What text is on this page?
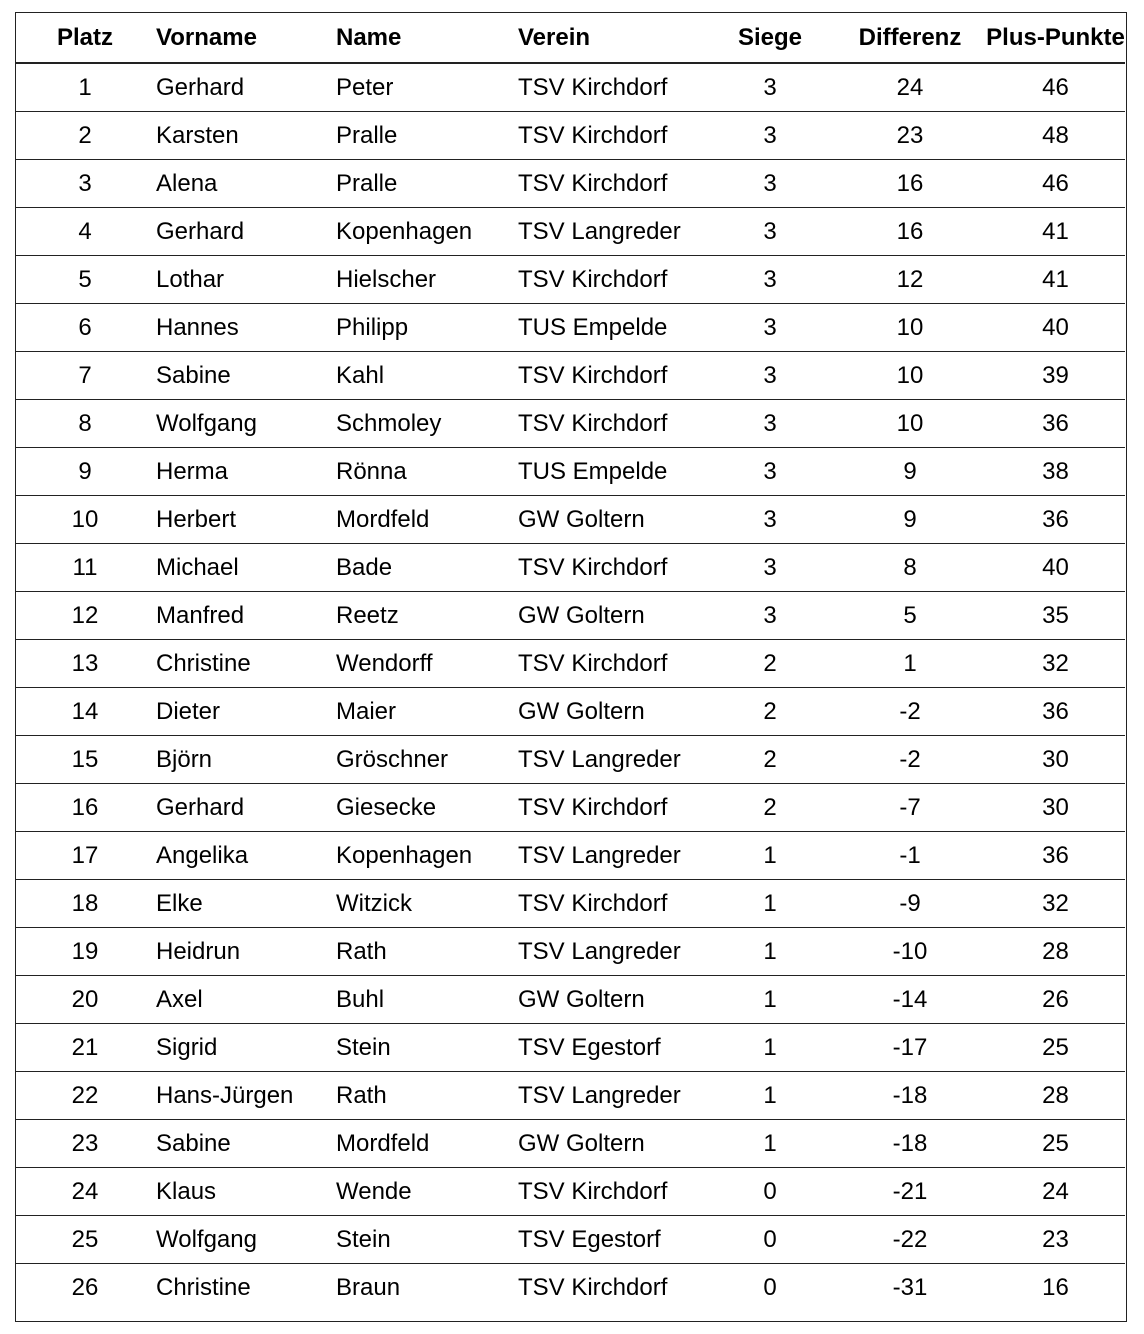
Platz	Vorname	Name	Verein	Siege	Differenz	Plus-Punkte
1	Gerhard	Peter	TSV Kirchdorf	3	24	46
2	Karsten	Pralle	TSV Kirchdorf	3	23	48
3	Alena	Pralle	TSV Kirchdorf	3	16	46
4	Gerhard	Kopenhagen	TSV Langreder	3	16	41
5	Lothar	Hielscher	TSV Kirchdorf	3	12	41
6	Hannes	Philipp	TUS Empelde	3	10	40
7	Sabine	Kahl	TSV Kirchdorf	3	10	39
8	Wolfgang	Schmoley	TSV Kirchdorf	3	10	36
9	Herma	Rönna	TUS Empelde	3	9	38
10	Herbert	Mordfeld	GW Goltern	3	9	36
11	Michael	Bade	TSV Kirchdorf	3	8	40
12	Manfred	Reetz	GW Goltern	3	5	35
13	Christine	Wendorff	TSV Kirchdorf	2	1	32
14	Dieter	Maier	GW Goltern	2	-2	36
15	Björn	Gröschner	TSV Langreder	2	-2	30
16	Gerhard	Giesecke	TSV Kirchdorf	2	-7	30
17	Angelika	Kopenhagen	TSV Langreder	1	-1	36
18	Elke	Witzick	TSV Kirchdorf	1	-9	32
19	Heidrun	Rath	TSV Langreder	1	-10	28
20	Axel	Buhl	GW Goltern	1	-14	26
21	Sigrid	Stein	TSV Egestorf	1	-17	25
22	Hans-Jürgen	Rath	TSV Langreder	1	-18	28
23	Sabine	Mordfeld	GW Goltern	1	-18	25
24	Klaus	Wende	TSV Kirchdorf	0	-21	24
25	Wolfgang	Stein	TSV Egestorf	0	-22	23
26	Christine	Braun	TSV Kirchdorf	0	-31	16
